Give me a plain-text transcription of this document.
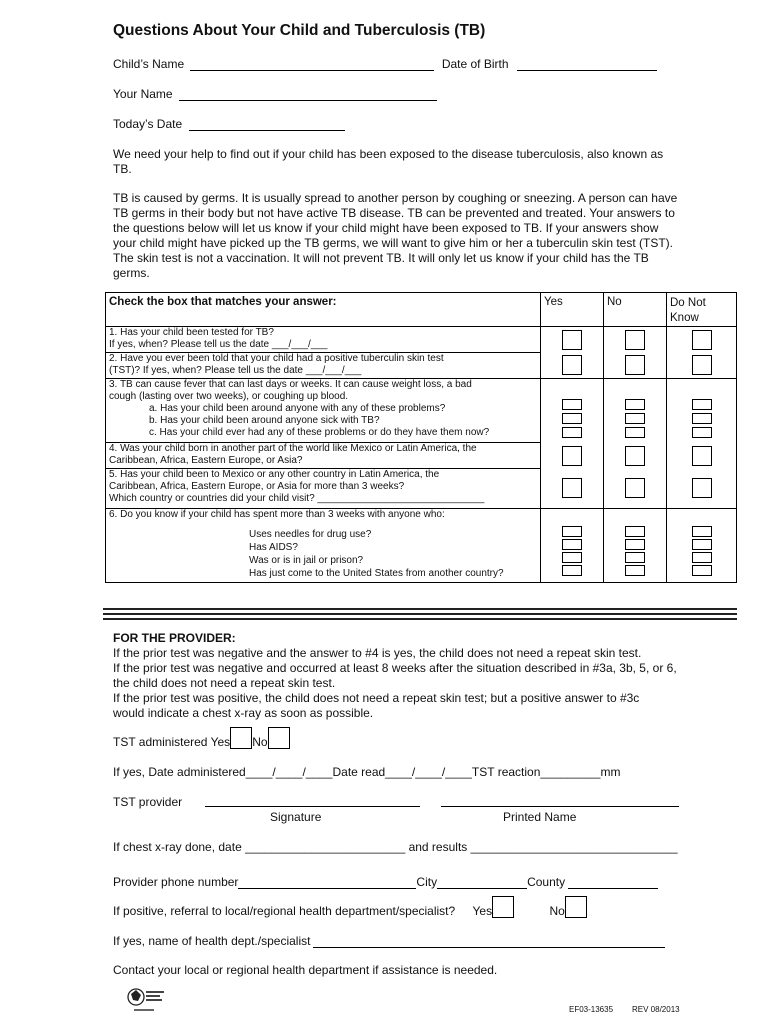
Questions About Your Child and Tuberculosis (TB)
Child’s Name	Date of Birth
Your Name
Today’s Date
We need your help to find out if your child has been exposed to the disease tuberculosis, also known as TB.
TB is caused by germs. It is usually spread to another person by coughing or sneezing. A person can have TB germs in their body but not have active TB disease. TB can be prevented and treated. Your answers to the questions below will let us know if your child might have been exposed to TB. If your answers show your child might have picked up the TB germs, we will want to give him or her a tuberculin skin test (TST). The skin test is not a vaccination. It will not prevent TB. It will only let us know if your child has the TB germs.
Check the box that matches your answer:	Yes	No	Do Not
Know
1. Has your child been tested for TB?
If yes, when? Please tell us the date ___/___/___	

2. Have you ever been told that your child had a positive tuberculin skin test
(TST)? If yes, when? Please tell us the date ___/___/___	

3. TB can cause fever that can last days or weeks. It can cause weight loss, a bad
cough (lasting over two weeks), or coughing up blood.
a. Has your child been around anyone with any of these problems?
b. Has your child been around anyone sick with TB?
c. Has your child ever had any of these problems or do they have them now?	

4. Was your child born in another part of the world like Mexico or Latin America, the
Caribbean, Africa, Eastern Europe, or Asia?	

5. Has your child been to Mexico or any other country in Latin America, the
Caribbean, Africa, Eastern Europe, or Asia for more than 3 weeks?
Which country or countries did your child visit? ______________________________	

6. Do you know if your child has spent more than 3 weeks with anyone who:

Uses needles for drug use?
Has AIDS?
Was or is in jail or prison?
Has just come to the United States from another country?			

FOR THE PROVIDER:
If the prior test was negative and the answer to #4 is yes, the child does not need a repeat skin test.
If the prior test was negative and occurred at least 8 weeks after the situation described in #3a, 3b, 5, or 6, the child does not need a repeat skin test.
If the prior test was positive, the child does not need a repeat skin test; but a positive answer to #3c would indicate a chest x-ray as soon as possible.
TST administered Yes No
If yes, Date administered____/____/____Date read____/____/____TST reaction_________mm
TST provider
Signature	Printed Name
If chest x-ray done, date ________________________ and results _______________________________
Provider phone number	City	County
If positive, referral to local/regional health department/specialist? Yes	No
If yes, name of health dept./specialist
Contact your local or regional health department if assistance is needed.
EF03-13635 REV 08/2013
